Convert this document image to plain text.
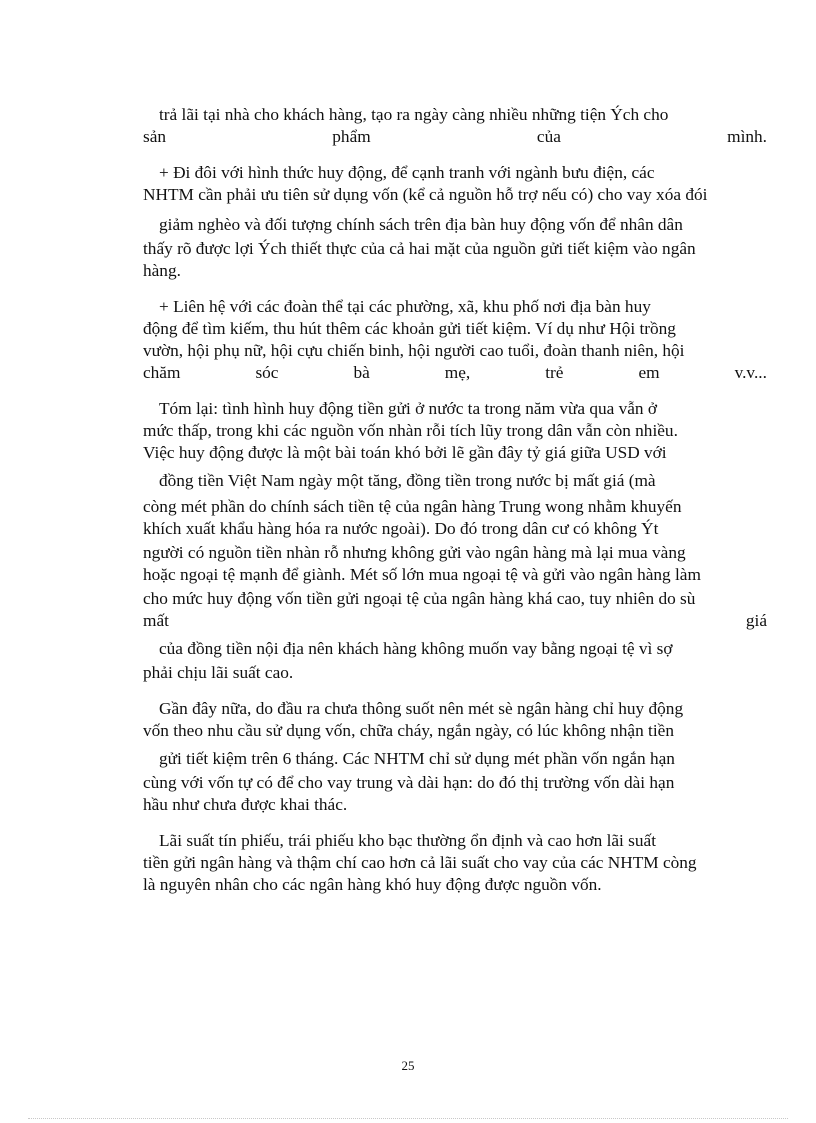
trả lãi tại nhà cho khách hàng, tạo ra ngày càng nhiều những tiện Ých cho
sản	phẩm	của	mình.
+ Đi đôi với hình thức huy động, để cạnh tranh với ngành bưu điện, các
NHTM cần phải ưu tiên sử dụng vốn (kể cả nguồn hỗ trợ nếu có) cho vay xóa đói
giảm nghèo và đối tượng chính sách trên địa bàn huy động vốn để nhân dân
thấy rõ được lợi Ých thiết thực của cả hai mặt của nguồn gửi tiết kiệm vào ngân
hàng.
+ Liên hệ với các đoàn thể tại các phường, xã, khu phố nơi địa bàn huy
động để tìm kiếm, thu hút thêm các khoản gửi tiết kiệm. Ví dụ như Hội trồng
vườn, hội phụ nữ, hội cựu chiến binh, hội người cao tuổi, đoàn thanh niên, hội
chăm	sóc	bà	mẹ,	trẻ	em	v.v...
Tóm lại: tình hình huy động tiền gửi ở nước ta trong năm vừa qua vẫn ở
mức thấp, trong khi các nguồn vốn nhàn rỗi tích lũy trong dân vẫn còn nhiều.
Việc huy động được là một bài toán khó bởi lẽ gần đây tỷ giá giữa USD với
đồng tiền Việt Nam ngày một tăng, đồng tiền trong nước bị mất giá (mà
còng mét phần do chính sách tiền tệ của ngân hàng Trung wong nhằm khuyến
khích xuất khẩu hàng hóa ra nước ngoài). Do đó trong dân cư có không Ýt
người có nguồn tiền nhàn rỗ nhưng không gửi vào ngân hàng mà lại mua vàng
hoặc ngoại tệ mạnh để giành. Mét số lớn mua ngoại tệ và gửi vào ngân hàng làm
cho mức huy động vốn tiền gửi ngoại tệ của ngân hàng khá cao, tuy nhiên do sù
mất	giá
của đồng tiền nội địa nên khách hàng không muốn vay bằng ngoại tệ vì sợ
phải chịu lãi suất cao.
Gần đây nữa, do đầu ra chưa thông suốt nên mét sè ngân hàng chỉ huy động
vốn theo nhu cầu sử dụng vốn, chữa cháy, ngắn ngày, có lúc không nhận tiền
gửi tiết kiệm trên 6 tháng. Các NHTM chỉ sử dụng mét phần vốn ngắn hạn
cùng với vốn tự có để cho vay trung và dài hạn: do đó thị trường vốn dài hạn
hầu như chưa được khai thác.
Lãi suất tín phiếu, trái phiếu kho bạc thường ổn định và cao hơn lãi suất
tiền gửi ngân hàng và thậm chí cao hơn cả lãi suất cho vay của các NHTM còng
là nguyên nhân cho các ngân hàng khó huy động được nguồn vốn.
25
